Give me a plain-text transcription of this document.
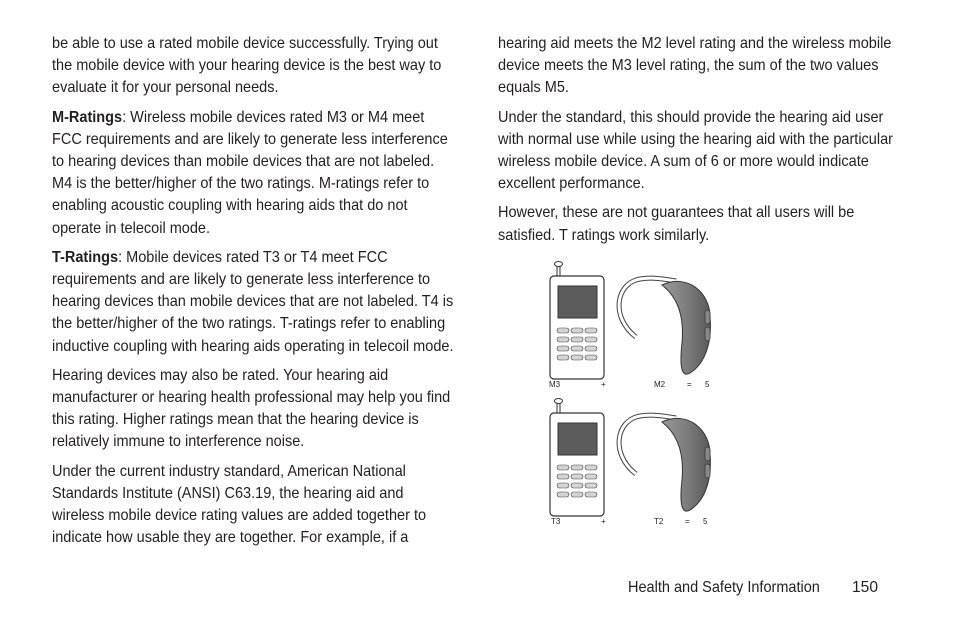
be able to use a rated mobile device successfully. Trying out the mobile device with your hearing device is the best way to evaluate it for your personal needs.

M-Ratings: Wireless mobile devices rated M3 or M4 meet FCC requirements and are likely to generate less interference to hearing devices than mobile devices that are not labeled. M4 is the better/higher of the two ratings. M-ratings refer to enabling acoustic coupling with hearing aids that do not operate in telecoil mode.

T-Ratings: Mobile devices rated T3 or T4 meet FCC requirements and are likely to generate less interference to hearing devices than mobile devices that are not labeled. T4 is the better/higher of the two ratings. T-ratings refer to enabling inductive coupling with hearing aids operating in telecoil mode.

Hearing devices may also be rated. Your hearing aid manufacturer or hearing health professional may help you find this rating. Higher ratings mean that the hearing device is relatively immune to interference noise.

Under the current industry standard, American National Standards Institute (ANSI) C63.19, the hearing aid and wireless mobile device rating values are added together to indicate how usable they are together. For example, if a

hearing aid meets the M2 level rating and the wireless mobile device meets the M3 level rating, the sum of the two values equals M5.

Under the standard, this should provide the hearing aid user with normal use while using the hearing aid with the particular wireless mobile device. A sum of 6 or more would indicate excellent performance.

However, these are not guarantees that all users will be satisfied. T ratings work similarly.

M3	+	M2	= 5
T3	+	T2	= 5
Health and Safety Information 150
